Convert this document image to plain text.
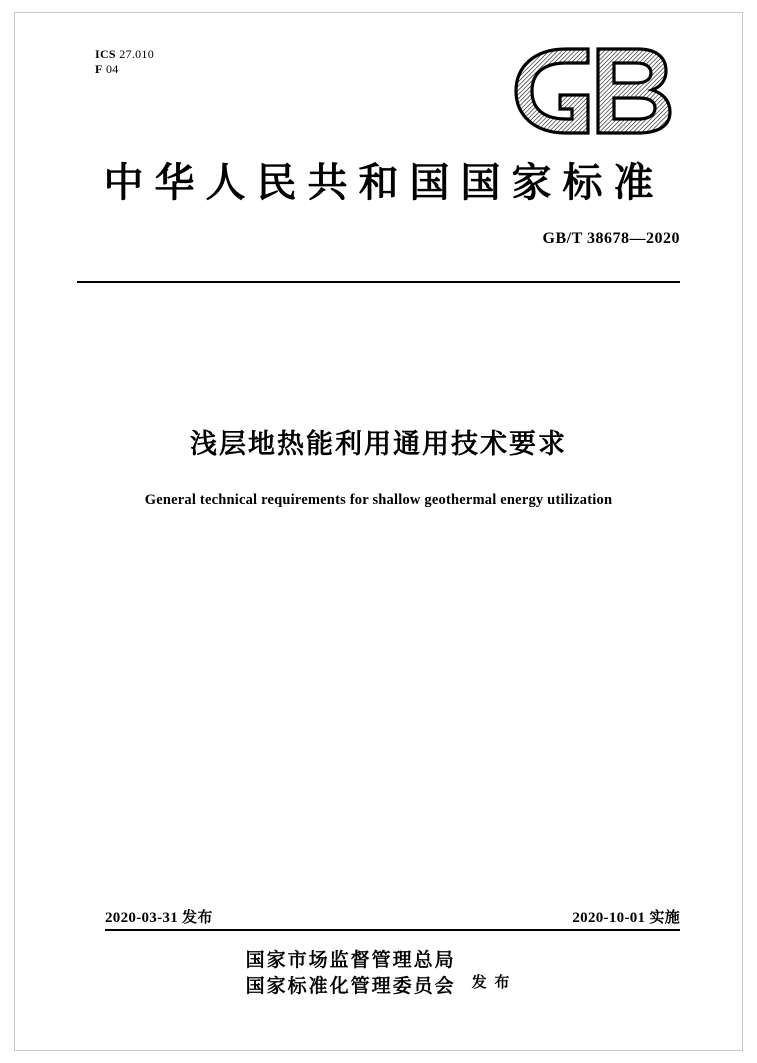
ICS 27.010
F 04
中华人民共和国国家标准
GB/T 38678—2020
浅层地热能利用通用技术要求
General technical requirements for shallow geothermal energy utilization
2020-03-31 发布	2020-10-01 实施
国家市场监督管理总局
国家标准化管理委员会 发 布
